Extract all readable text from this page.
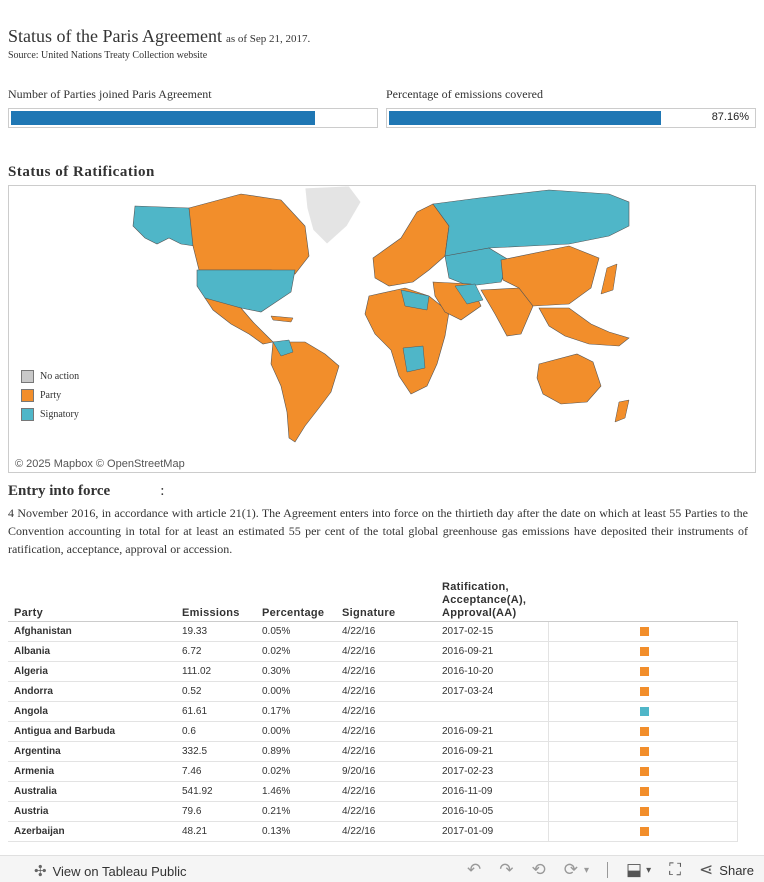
Status of the Paris Agreement as of Sep 21, 2017.
Source: United Nations Treaty Collection website
Number of Parties joined Paris Agreement	Percentage of emissions covered
87.16%
Status of Ratification
No action
Party
Signatory
© 2025 Mapbox © OpenStreetMap
Entry into force	:
4 November 2016, in accordance with article 21(1). The Agreement enters into force on the thirtieth day after the date on which at least 55 Parties to the Convention accounting in total for at least an estimated 55 per cent of the total global greenhouse gas emissions have deposited their instruments of ratification, acceptance, approval or accession.
Party	Emissions Percentage Signature
Ratification,
Acceptance(A),
Approval(AA)
Afghanistan	19.33	0.05%	4/22/16	2017-02-15
Albania	6.72	0.02%	4/22/16	2016-09-21
Algeria	111.02	0.30%	4/22/16	2016-10-20
Andorra	0.52	0.00%	4/22/16	2017-03-24
Angola	61.61	0.17%	4/22/16
Antigua and Barbuda	0.6	0.00%	4/22/16	2016-09-21
Argentina	332.5	0.89%	4/22/16	2016-09-21
Armenia	7.46	0.02%	9/20/16	2017-02-23
Australia	541.92	1.46%	4/22/16	2016-11-09
Austria	79.6	0.21%	4/22/16	2016-10-05
Azerbaijan	48.21	0.13%	4/22/16	2017-01-09
✣ View on Tableau Public	↶ ↷ ⟲ ⟳ ▾ ⬓ ▾ ⛶ ⋖ Share
